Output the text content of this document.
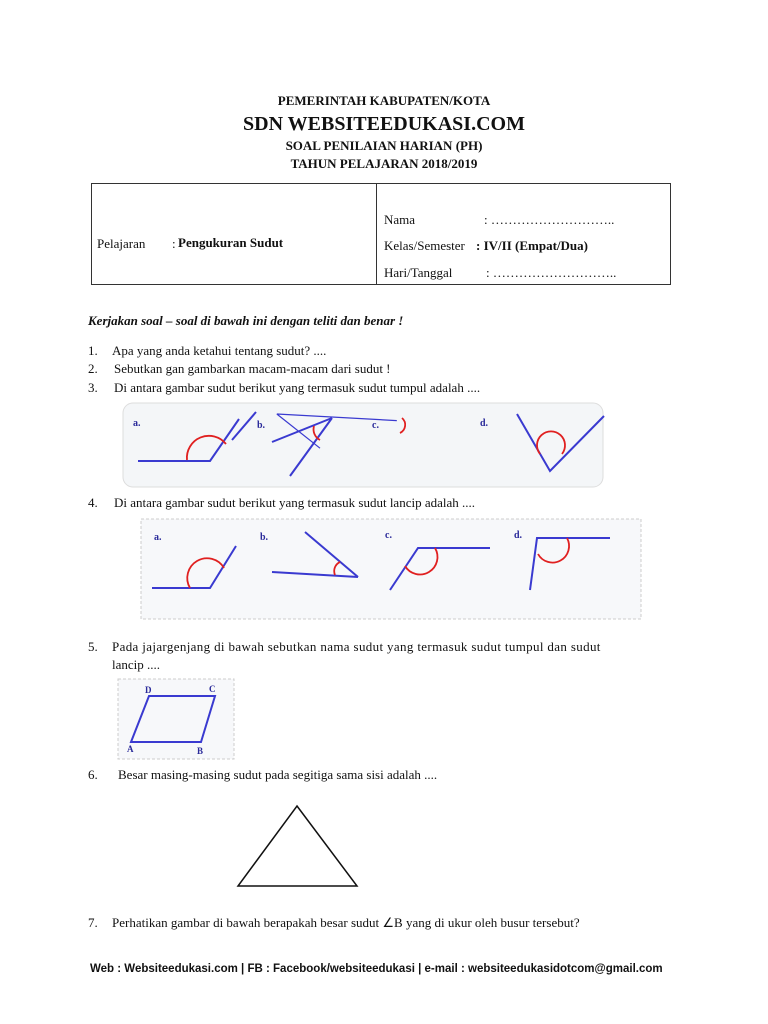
PEMERINTAH KABUPATEN/KOTA
SDN WEBSITEEDUKASI.COM
SOAL PENILAIAN HARIAN (PH)
TAHUN PELAJARAN 2018/2019
Pelajaran : Pengukuran Sudut
Nama	: ………………………..
Kelas/Semester : IV/II (Empat/Dua)
Hari/Tanggal	: ………………………..
Kerjakan soal – soal di bawah ini dengan teliti dan benar !
1. Apa yang anda ketahui tentang sudut? ....
2. Sebutkan gan gambarkan macam-macam dari sudut !
3. Di antara gambar sudut berikut yang termasuk sudut tumpul adalah ....
a.	b.	c.	d.
4. Di antara gambar sudut berikut yang termasuk sudut lancip adalah ....
a.	b.	c.	d.
5. Pada jajargenjang di bawah sebutkan nama sudut yang termasuk sudut tumpul dan sudut
lancip ....
A	B
C
D
6. Besar masing-masing sudut pada segitiga sama sisi adalah ....
7. Perhatikan gambar di bawah berapakah besar sudut ∠B yang di ukur oleh busur tersebut?
Web : Websiteedukasi.com | FB : Facebook/websiteedukasi | e-mail : websiteedukasidotcom@gmail.com
